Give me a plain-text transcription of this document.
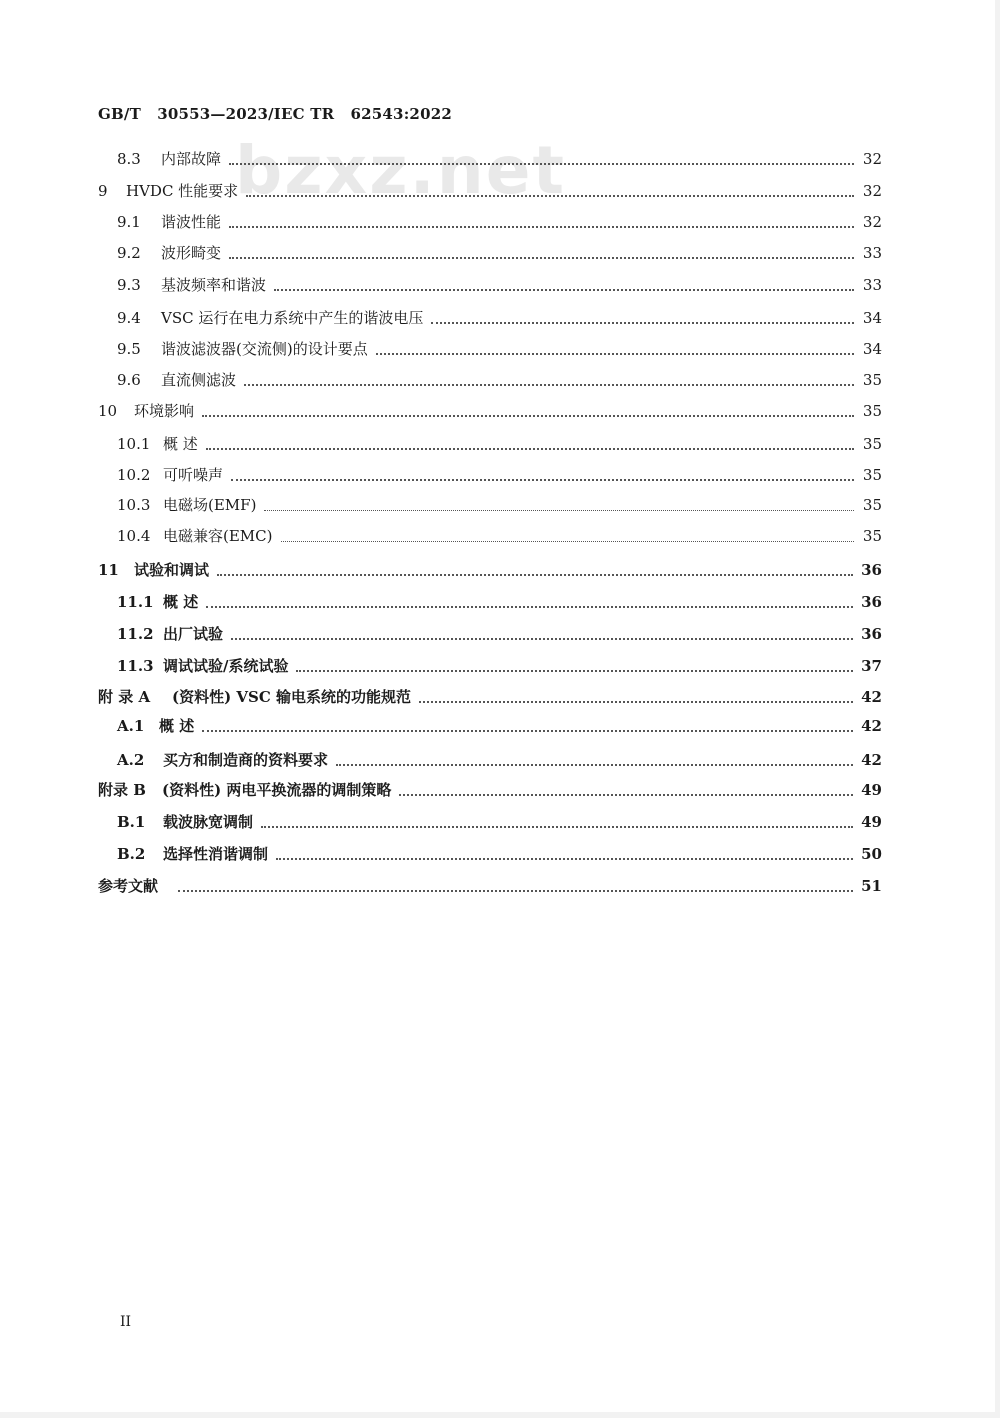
GB/T   30553—2023/IEC TR   62543:2022
bzxz.net
8.3	内部故障	32
9	HVDC 性能要求	32
9.1	谐波性能	32
9.2	波形畸变	33
9.3	基波频率和谐波	33
9.4	VSC 运行在电力系统中产生的谐波电压	34
9.5	谐波滤波器(交流侧)的设计要点	34
9.6	直流侧滤波	35
10	环境影响	35
10.1 概 述	35
10.2 可听噪声	35
10.3 电磁场(EMF)	35
10.4 电磁兼容(EMC)	35
11	试验和调试	36
11.1 概 述	36
11.2 出厂试验	36
11.3 调试试验/系统试验	37
附 录 A	(资料性) VSC 输电系统的功能规范	42
A.1 概 述	42
A.2	买方和制造商的资料要求	42
附录 B	(资料性) 两电平换流器的调制策略	49
B.1	载波脉宽调制	49
B.2	选择性消谐调制	50
参考文献	51
II
